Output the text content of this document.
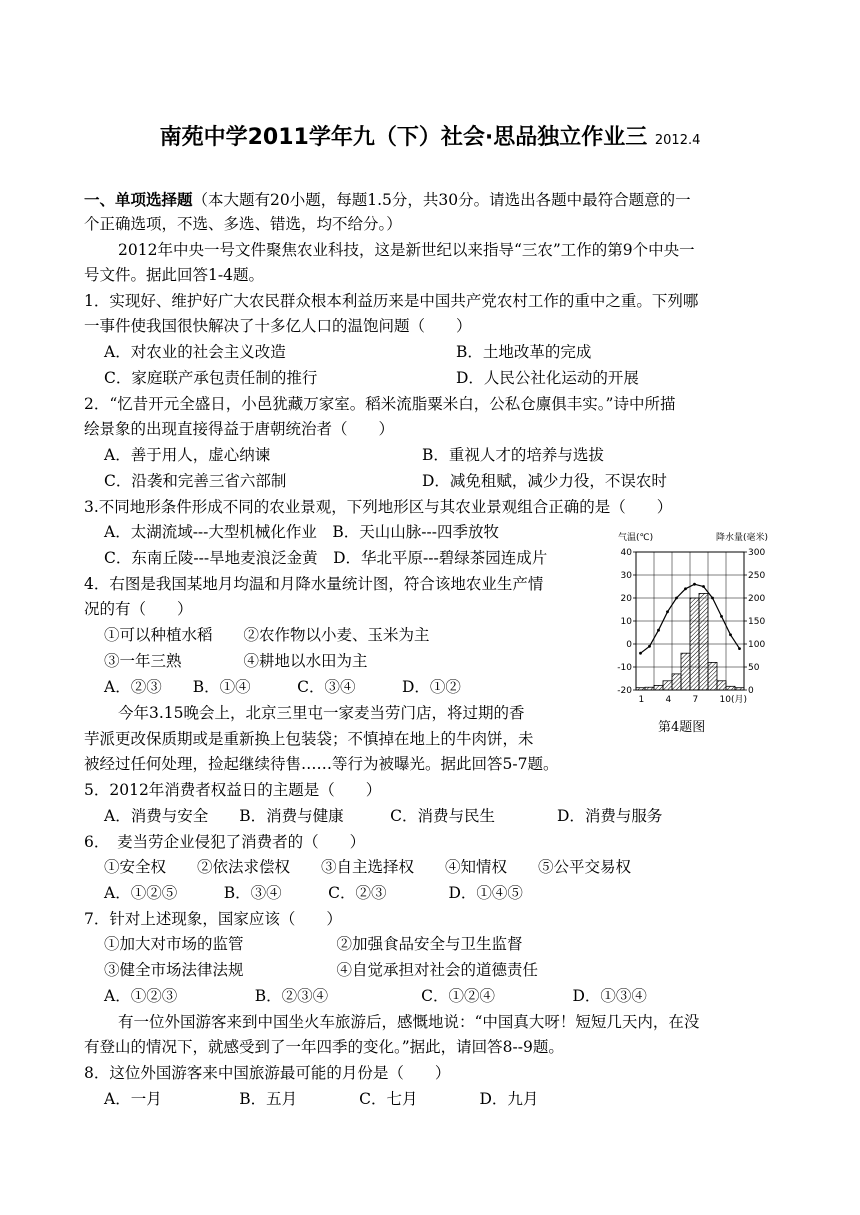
南苑中学2011学年九（下）社会·思品独立作业三 2012.4
一、单项选择题（本大题有20小题，每题1.5分，共30分。请选出各题中最符合题意的一
个正确选项，不选、多选、错选，均不给分。）
2012年中央一号文件聚焦农业科技，这是新世纪以来指导“三农”工作的第9个中央一
号文件。据此回答1-4题。
1．实现好、维护好广大农民群众根本利益历来是中国共产党农村工作的重中之重。下列哪
一事件使我国很快解决了十多亿人口的温饱问题（　　）
A．对农业的社会主义改造	B．土地改革的完成
C．家庭联产承包责任制的推行	D．人民公社化运动的开展
2．“忆昔开元全盛日，小邑犹藏万家室。稻米流脂粟米白，公私仓廪俱丰实。”诗中所描
绘景象的出现直接得益于唐朝统治者（　　）
A．善于用人，虚心纳谏	B．重视人才的培养与选拔
C．沿袭和完善三省六部制	D．减免租赋，减少力役，不误农时
3.不同地形条件形成不同的农业景观，下列地形区与其农业景观组合正确的是（　　）
A．太湖流域---大型机械化作业　B．天山山脉---四季放牧
C．东南丘陵---旱地麦浪泛金黄　D．华北平原---碧绿茶园连成片
4．右图是我国某地月均温和月降水量统计图，符合该地农业生产情
况的有（　　）
①可以种植水稻　　②农作物以小麦、玉米为主
③一年三熟　　　　④耕地以水田为主
A．②③　　B．①④　　　C．③④　　　D．①②
今年3.15晚会上，北京三里屯一家麦当劳门店，将过期的香
芋派更改保质期或是重新换上包装袋；不慎掉在地上的牛肉饼，未
被经过任何处理，捡起继续待售……等行为被曝光。据此回答5-7题。
5．2012年消费者权益日的主题是（　　）
A．消费与安全　　B．消费与健康　　　C．消费与民生　　　　D．消费与服务
6．　麦当劳企业侵犯了消费者的（　　）
①安全权　　②依法求偿权　　③自主选择权　　④知情权　　⑤公平交易权
A．①②⑤　　　B．③④　　　C．②③　　　　D．①④⑤
7．针对上述现象，国家应该（　　）
①加大对市场的监管　　　　　　②加强食品安全与卫生监督
③健全市场法律法规　　　　　　④自觉承担对社会的道德责任
A．①②③　　　　　B．②③④　　　　　　C．①②④　　　　　D．①③④
有一位外国游客来到中国坐火车旅游后，感慨地说：“中国真大呀！短短几天内，在没
有登山的情况下，就感受到了一年四季的变化。”据此，请回答8--9题。
8．这位外国游客来中国旅游最可能的月份是（　　）
A．一月　　　　　B．五月　　　　C．七月　　　　D．九月
气温(℃)	降水量(毫米)
40
30
20
10
0
-10
-20
300
250
200
150
100
50
0
1 4 7 10(月)
第4题图
